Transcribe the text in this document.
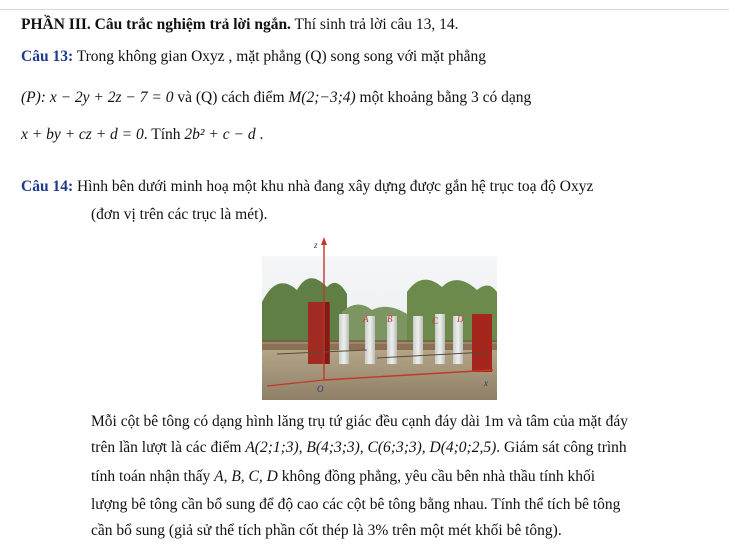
PHẦN III. Câu trắc nghiệm trả lời ngắn. Thí sinh trả lời câu 13, 14.
Câu 13: Trong không gian Oxyz , mặt phẳng (Q) song song với mặt phẳng
(P): x − 2y + 2z − 7 = 0 và (Q) cách điểm M(2;−3;4) một khoảng bằng 3 có dạng
x + by + cz + d = 0. Tính 2b² + c − d .
Câu 14: Hình bên dưới minh hoạ một khu nhà đang xây dựng được gắn hệ trục toạ độ Oxyz
(đơn vị trên các trục là mét).
z
x
O
A B	C D
Mỗi cột bê tông có dạng hình lăng trụ tứ giác đều cạnh đáy dài 1m và tâm của mặt đáy
trên lần lượt là các điểm A(2;1;3), B(4;3;3), C(6;3;3), D(4;0;2,5). Giám sát công trình
tính toán nhận thấy A, B, C, D không đồng phẳng, yêu cầu bên nhà thầu tính khối
lượng bê tông cần bổ sung để độ cao các cột bê tông bằng nhau. Tính thể tích bê tông
cần bổ sung (giả sử thể tích phần cốt thép là 3% trên một mét khối bê tông).
